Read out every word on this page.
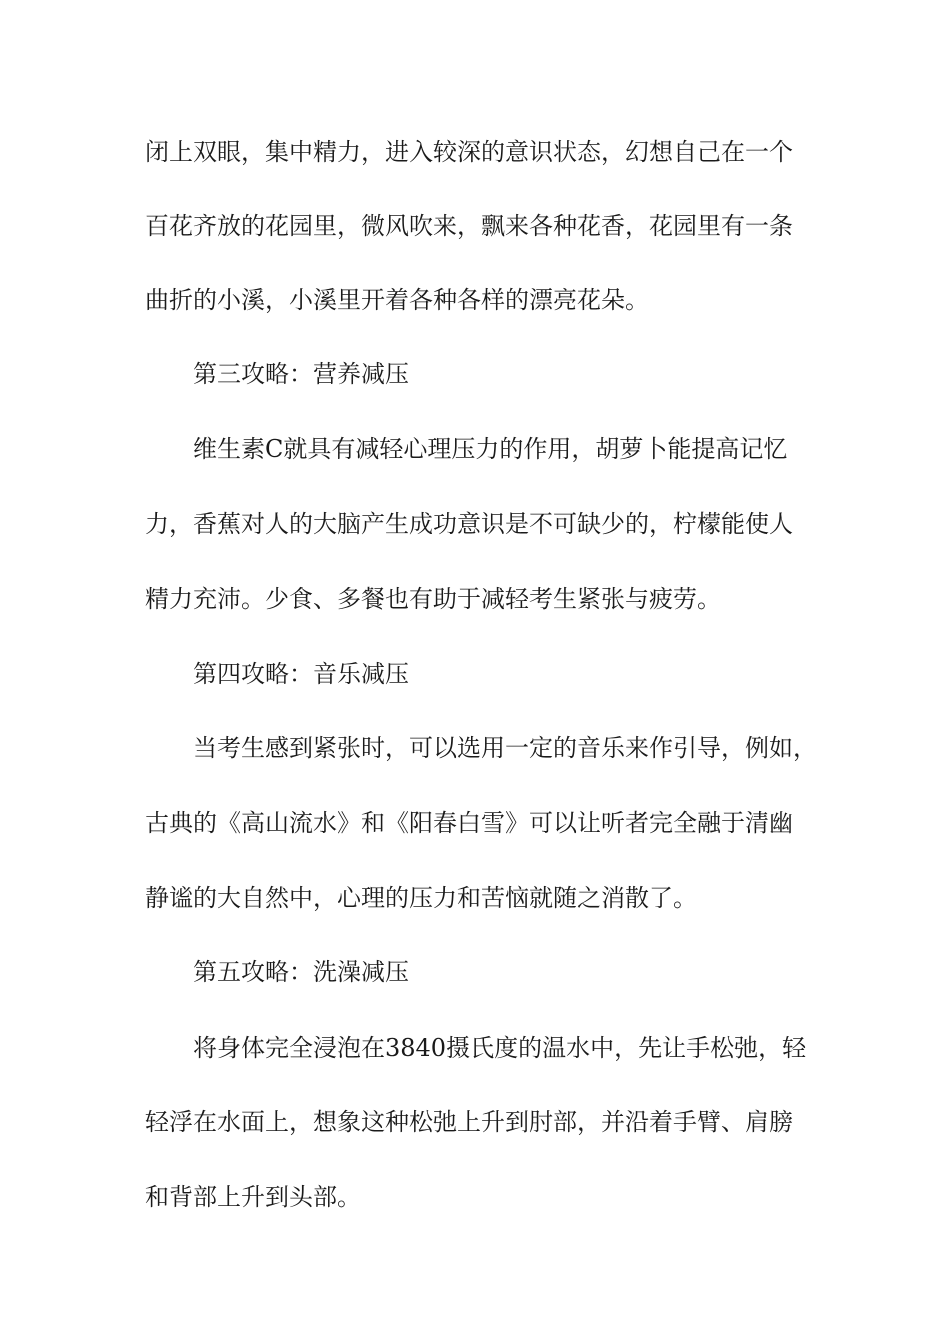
闭上双眼，集中精力，进入较深的意识状态，幻想自己在一个
百花齐放的花园里，微风吹来，飘来各种花香，花园里有一条
曲折的小溪，小溪里开着各种各样的漂亮花朵。
第三攻略：营养减压
维生素C就具有减轻心理压力的作用，胡萝卜能提高记忆
力，香蕉对人的大脑产生成功意识是不可缺少的，柠檬能使人
精力充沛。少食、多餐也有助于减轻考生紧张与疲劳。
第四攻略：音乐减压
当考生感到紧张时，可以选用一定的音乐来作引导，例如，
古典的《高山流水》和《阳春白雪》可以让听者完全融于清幽
静谧的大自然中，心理的压力和苦恼就随之消散了。
第五攻略：洗澡减压
将身体完全浸泡在3840摄氏度的温水中，先让手松弛，轻
轻浮在水面上，想象这种松弛上升到肘部，并沿着手臂、肩膀
和背部上升到头部。
